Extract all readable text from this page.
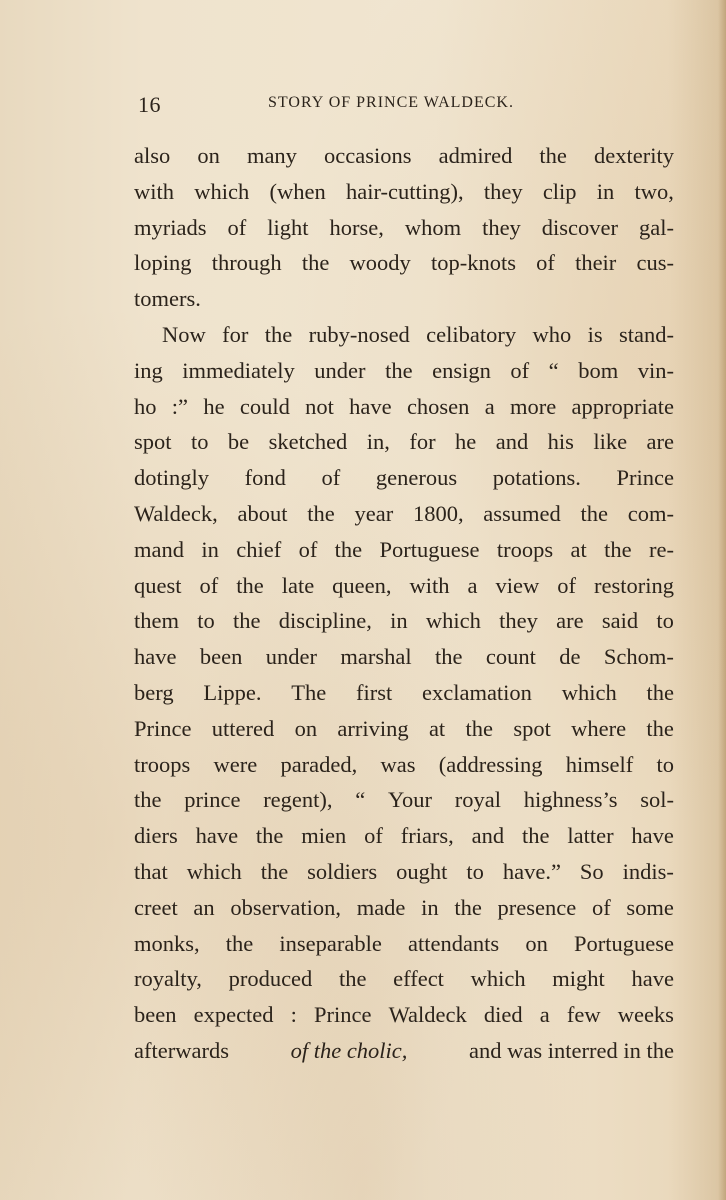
16	STORY OF PRINCE WALDECK.
also on many occasions admired the dexterity
with which (when hair-cutting), they clip in two,
myriads of light horse, whom they discover gal-
loping through the woody top-knots of their cus-
tomers.
Now for the ruby-nosed celibatory who is stand-
ing immediately under the ensign of “ bom vin-
ho :” he could not have chosen a more appropriate
spot to be sketched in, for he and his like are
dotingly fond of generous potations. Prince
Waldeck, about the year 1800, assumed the com-
mand in chief of the Portuguese troops at the re-
quest of the late queen, with a view of restoring
them to the discipline, in which they are said to
have been under marshal the count de Schom-
berg Lippe. The first exclamation which the
Prince uttered on arriving at the spot where the
troops were paraded, was (addressing himself to
the prince regent), “ Your royal highness’s sol-
diers have the mien of friars, and the latter have
that which the soldiers ought to have.” So indis-
creet an observation, made in the presence of some
monks, the inseparable attendants on Portuguese
royalty, produced the effect which might have
been expected : Prince Waldeck died a few weeks
afterwards	of the cholic,	and was interred in the
